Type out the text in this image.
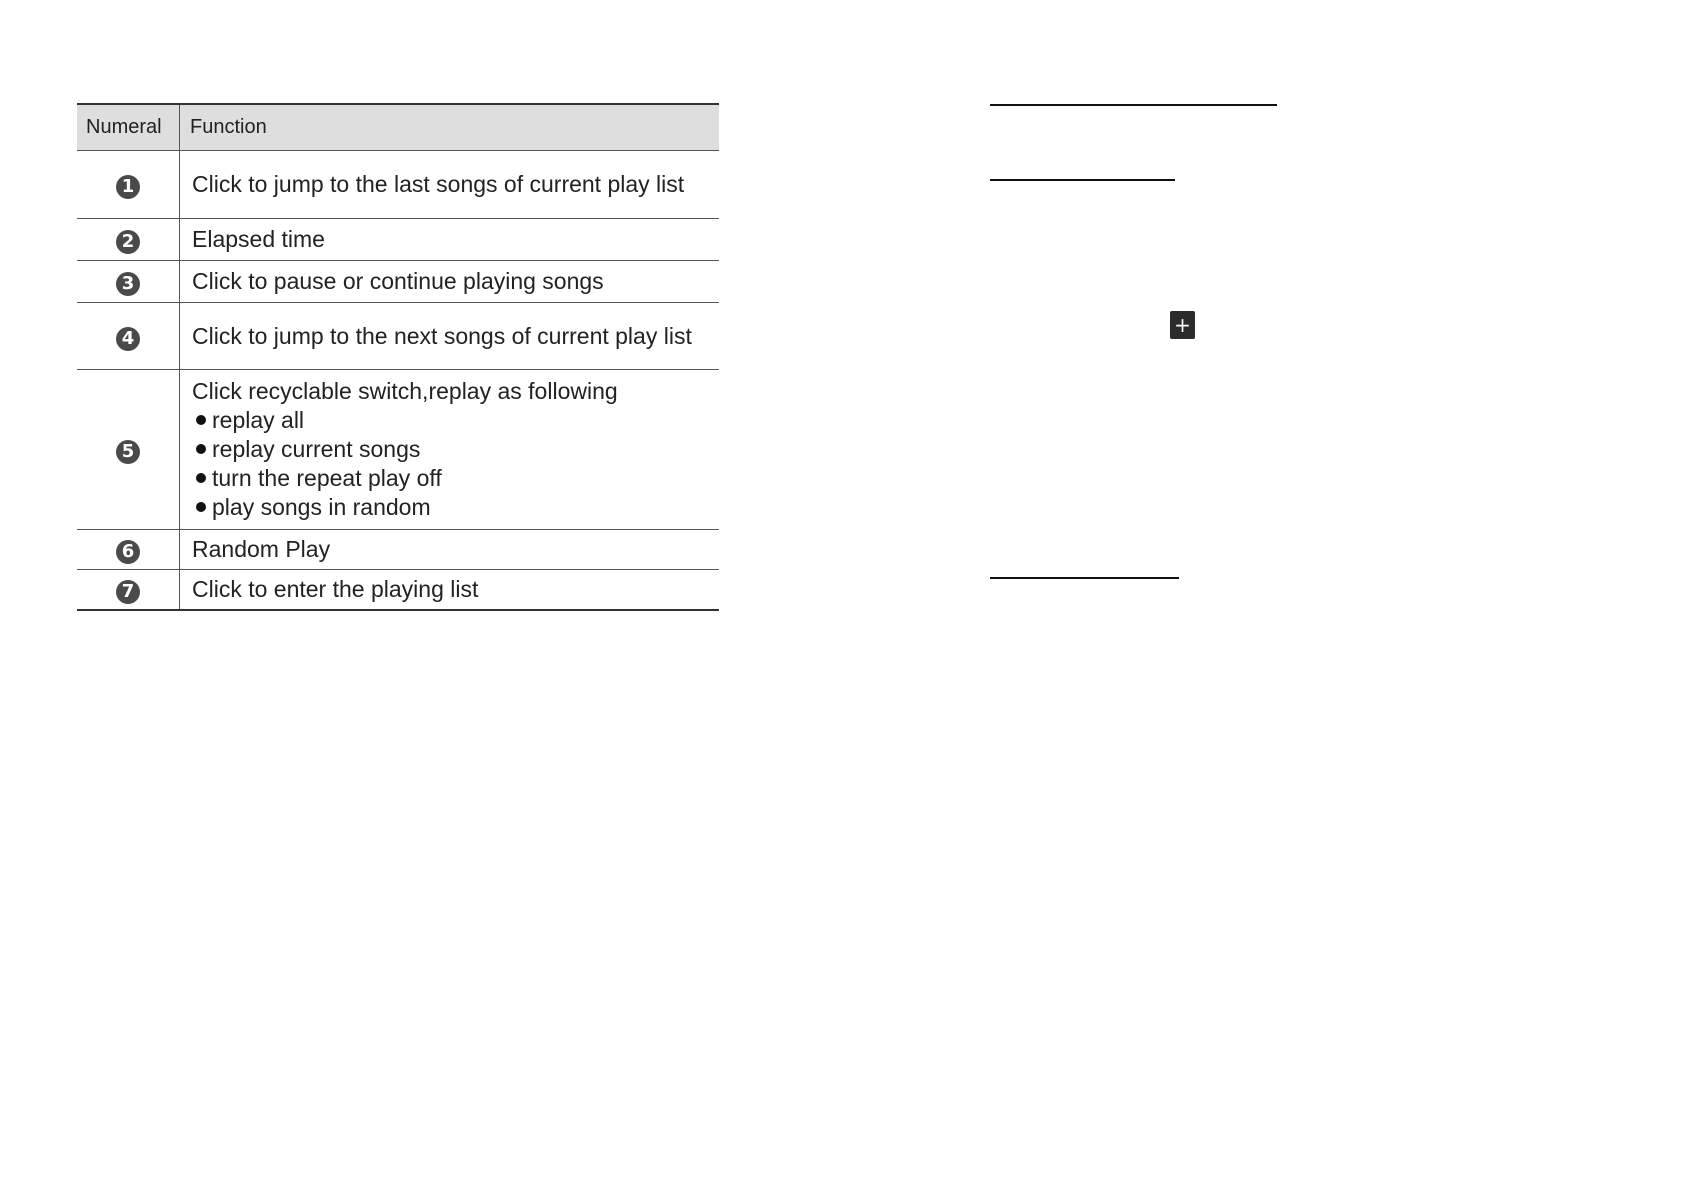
Numeral	Function
1	Click to jump to the last songs of current play list

2	Elapsed time

3	Click to pause or continue playing songs

4	Click to jump to the next songs of current play list

5	Click recyclable switch,replay as following
replay all
replay current songs
turn the repeat play off
play songs in random

6	Random Play

7	Click to enter the playing list
+
